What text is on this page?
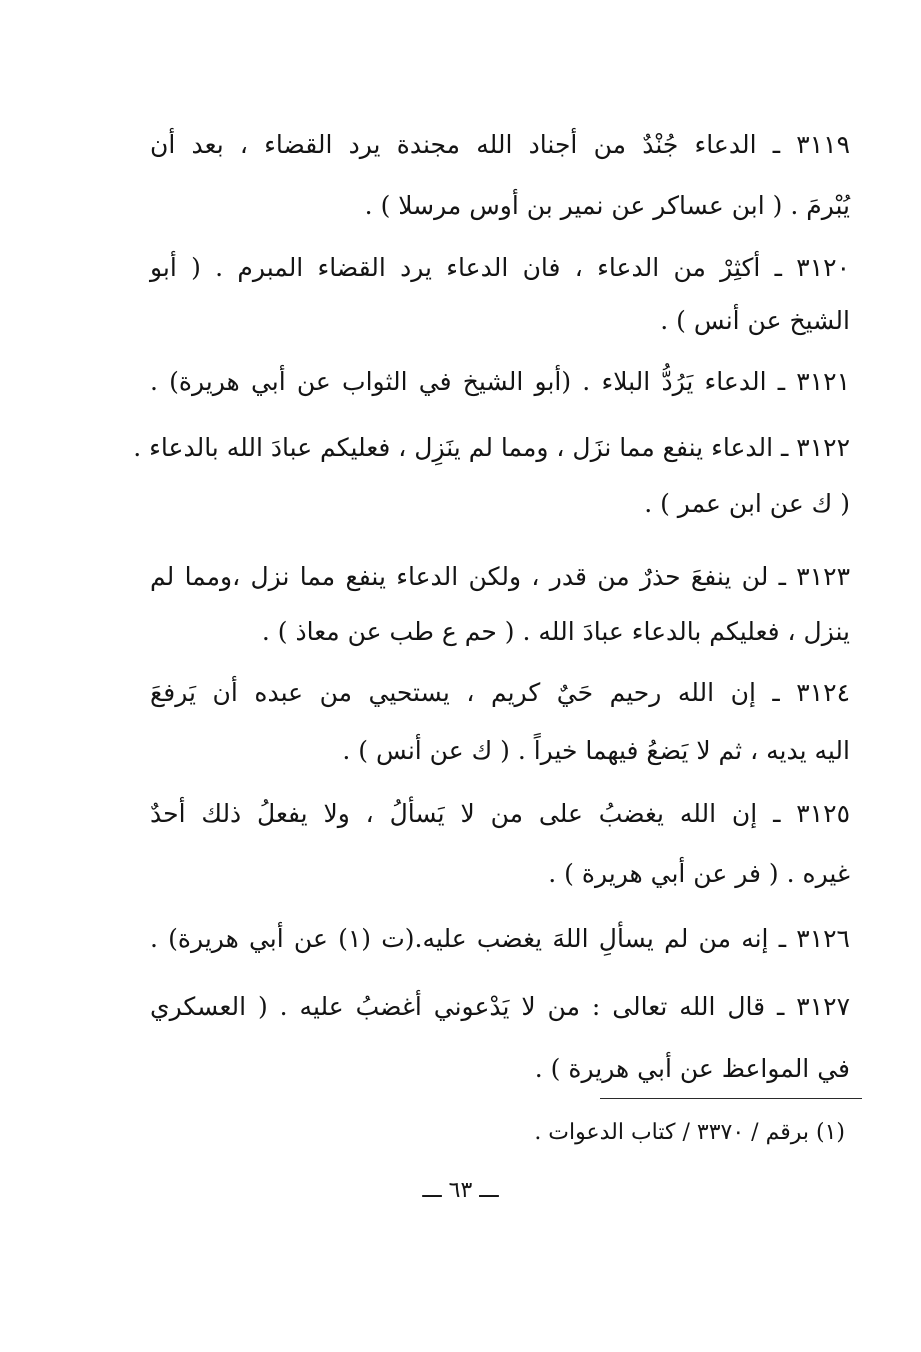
٣١١٩ ـ الدعاء جُنْدٌ من أجناد الله مجندة يرد القضاء ، بعد أن
يُبْرمَ . ( ابن عساكر عن نمير بن أوس مرسلا ) .
٣١٢٠ ـ أكثِرْ من الدعاء ، فان الدعاء يرد القضاء المبرم . ( أبو
الشيخ عن أنس ) .
٣١٢١ ـ الدعاء يَرُدُّ البلاء . (أبو الشيخ في الثواب عن أبي هريرة) .
٣١٢٢ ـ الدعاء ينفع مما نزَل ، ومما لم ينَزِل ، فعليكم عبادَ الله بالدعاء .
( ك عن ابن عمر ) .
٣١٢٣ ـ لن ينفعَ حذرٌ من قدر ، ولكن الدعاء ينفع مما نزل ،ومما لم
ينزل ، فعليكم بالدعاء عبادَ الله . ( حم ع طب عن معاذ ) .
٣١٢٤ ـ إن الله رحيم حَيٌ كريم ، يستحيي من عبده أن يَرفعَ
اليه يديه ، ثم لا يَضعُ فيهما خيراً . ( ك عن أنس ) .
٣١٢٥ ـ إن الله يغضبُ على من لا يَسألُ ، ولا يفعلُ ذلك أحدٌ
غيره . ( فر عن أبي هريرة ) .
٣١٢٦ ـ إنه من لم يسألِ اللهَ يغضب عليه.(ت (١) عن أبي هريرة) .
٣١٢٧ ـ قال الله تعالى : من لا يَدْعوني أغضبُ عليه . ( العسكري
في المواعظ عن أبي هريرة ) .
(١) برقم / ٣٣٧٠ / كتاب الدعوات .
ـــ ٦٣ ـــ
